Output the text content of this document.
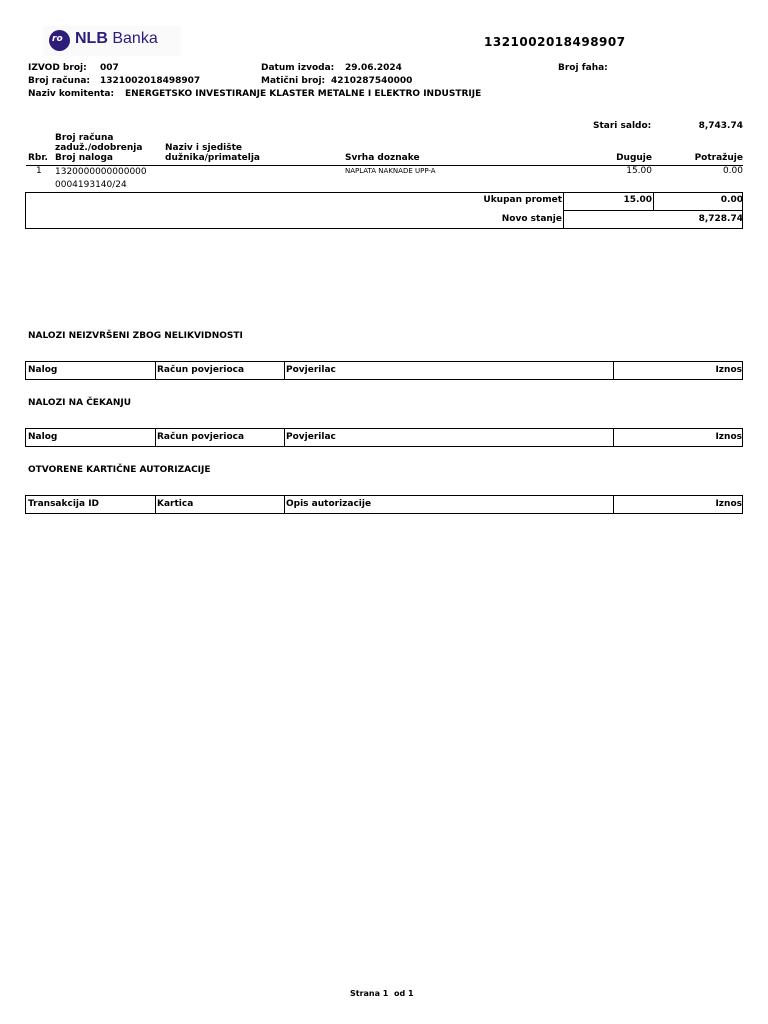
ro NLB Banka	1321002018498907
IZVOD broj: 007	Datum izvoda: 29.06.2024	Broj faha:
Broj računa: 1321002018498907	Matični broj: 4210287540000
Naziv komitenta: ENERGETSKO INVESTIRANJE KLASTER METALNE I ELEKTRO INDUSTRIJE
Stari saldo:	8,743.74
Broj računa
zaduž./odobrenja	Naziv i sjedište
Rbr. Broj naloga	dužnika/primatelja	Svrha doznake	Duguje	Potražuje
1 1320000000000000
0004193140/24
NAPLATA NAKNADE UPP-A	15.00	0.00
Ukupan promet	15.00	0.00
Novo stanje	8,728.74
NALOZI NEIZVRŠENI ZBOG NELIKVIDNOSTI
Nalog	Račun povjerioca	Povjerilac	Iznos
NALOZI NA ČEKANJU
Nalog	Račun povjerioca	Povjerilac	Iznos
OTVORENE KARTIČNE AUTORIZACIJE
Transakcija ID	Kartica	Opis autorizacije	Iznos
Strana 1  od 1
